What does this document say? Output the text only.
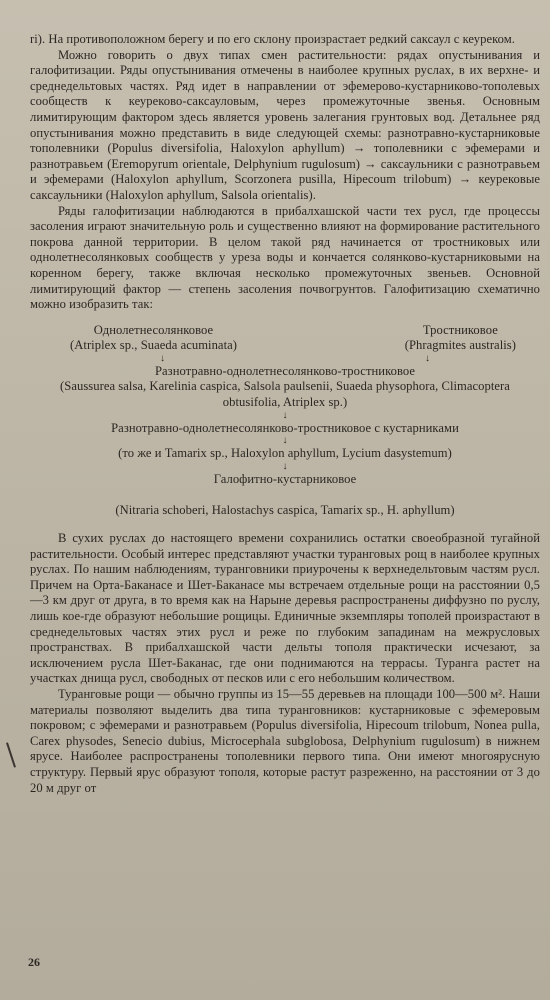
ri). На противоположном берегу и по его склону произрастает редкий саксаул с кеуреком.

Можно говорить о двух типах смен растительности: рядах опустынивания и галофитизации. Ряды опустынивания отмечены в наиболее крупных руслах, в их верхне- и среднедельтовых частях. Ряд идет в направлении от эфемерово-кустарниково-тополевых сообществ к кеуреково-саксауловым, через промежуточные звенья. Основным лимитирующим фактором здесь является уровень залегания грунтовых вод. Детальнее ряд опустынивания можно представить в виде следующей схемы: разнотравно-кустарниковые тополевники (Populus diversifolia, Haloxylon aphyllum) → тополевники с эфемерами и разнотравьем (Eremopyrum orientale, Delphynium rugulosum) → саксаульники с разнотравьем и эфемерами (Haloxylon aphyllum, Scorzonera pusilla, Hipecoum trilobum) → кеурековые саксаульники (Haloxylon aphyllum, Salsola orientalis).

Ряды галофитизации наблюдаются в прибалхашской части тех русл, где процессы засоления играют значительную роль и существенно влияют на формирование растительного покрова данной территории. В целом такой ряд начинается от тростниковых или однолетнесолянковых сообществ у уреза воды и кончается солянково-кустарниковыми на коренном берегу, также включая несколько промежуточных звеньев. Основной лимитирующий фактор — степень засоления почвогрунтов. Галофитизацию схематично можно изобразить так:

Однолетнесолянковое
(Atriplex sp., Suaeda acuminata)
Тростниковое
(Phragmites australis)
↓	↓
Разнотравно-однолетнесолянково-тростниковое
(Saussurea salsa, Karelinia caspica, Salsola paulsenii, Suaeda physophora, Climacoptera obtusifolia, Atriplex sp.)
↓
Разнотравно-однолетнесолянково-тростниковое с кустарниками
↓
(то же и Tamarix sp., Haloxylon aphyllum, Lycium dasystemum)
↓
Галофитно-кустарниковое
(Nitraria schoberi, Halostachys caspica, Tamarix sp., H. aphyllum)

В сухих руслах до настоящего времени сохранились остатки своеобразной тугайной растительности. Особый интерес представляют участки туранговых рощ в наиболее крупных руслах. По нашим наблюдениям, туранговники приурочены к верхнедельтовым частям русл. Причем на Орта-Баканасе и Шет-Баканасе мы встречаем отдельные рощи на расстоянии 0,5—3 км друг от друга, в то время как на Нарыне деревья распространены диффузно по руслу, лишь кое-где образуют небольшие рощицы. Единичные экземпляры тополей произрастают в среднедельтовых частях этих русл и реже по глубоким западинам на межрусловых пространствах. В прибалхашской части дельты тополя практически исчезают, за исключением русла Шет-Баканас, где они поднимаются на террасы. Туранга растет на участках днища русл, свободных от песков или с его небольшим количеством.

Туранговые рощи — обычно группы из 15—55 деревьев на площади 100—500 м². Наши материалы позволяют выделить два типа туранговников: кустарниковые с эфемеровым покровом; с эфемерами и разнотравьем (Populus diversifolia, Hipecoum trilobum, Nonea pulla, Carex physodes, Senecio dubius, Microcephala subglobosa, Delphynium rugulosum) в нижнем ярусе. Наиболее распространены тополевники первого типа. Они имеют многоярусную структуру. Первый ярус образуют тополя, которые растут разреженно, на расстоянии от 3 до 20 м друг от

26
